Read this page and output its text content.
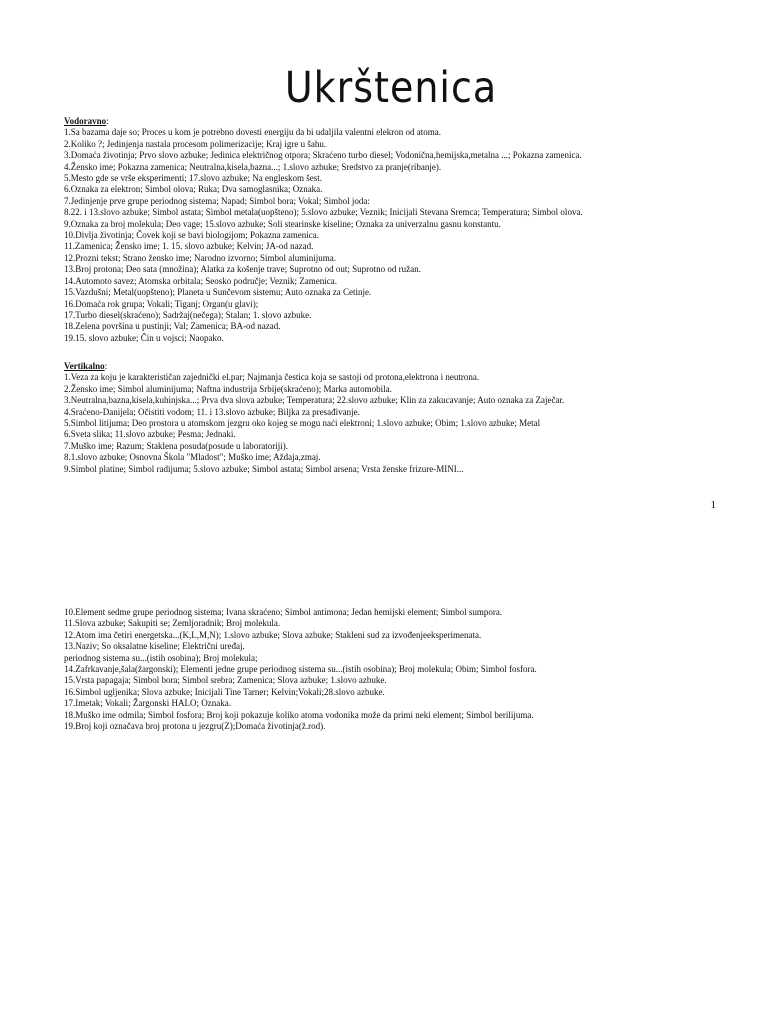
Ukrštenica
Vodoravno:
1.Sa bazama daje so; Proces u kom je potrebno dovesti energiju da bi udaljila valentni elekron od atoma.
2.Koliko ?; Jedinjenja nastala procesom polimerizacije; Kraj igre u šahu.
3.Domaća životinja; Prvo slovo azbuke; Jedinica električnog otpora; Skraćeno turbo diesel; Vodonična,hemijska,metalna ...; Pokazna zamenica.
4.Žensko ime; Pokazna zamenica; Neutralna,kisela,bazna...; 1.slovo azbuke; Sredstvo za pranje(ribanje).
5.Mesto gde se vrše eksperimenti; 17.slovo azbuke; Na engleskom šest.
6.Oznaka za elektron; Simbol olova; Ruka; Dva samoglasnika; Oznaka.
7.Jedinjenje prve grupe periodnog sistema; Napad; Simbol bora; Vokal; Simbol joda:
8.22. i 13.slovo azbuke; Simbol astata; Simbol metala(uopšteno); 5.slovo azbuke; Veznik; Inicijali Stevana Sremca; Temperatura; Simbol olova.
9.Oznaka za broj molekula; Deo vage; 15.slovo azbuke; Soli stearinske kiseline; Oznaka za univerzalnu gasnu konstantu.
10.Divlja životinja; Čovek koji se bavi biologijom; Pokazna zamenica.
11.Zamenica; Žensko ime; 1. 15. slovo azbuke; Kelvin; JA-od nazad.
12.Prozni tekst; Strano žensko ime; Narodno izvorno; Simbol aluminijuma.
13.Broj protona; Deo sata (množina); Alatka za košenje trave; Suprotno od out; Suprotno od ružan.
14.Automoto savez; Atomska orbitala; Seosko područje; Veznik; Zamenica.
15.Vazdušni; Metal(uopšteno); Planeta u Sunčevom sistemu; Auto oznaka za Cetinje.
16.Domaća rok grupa; Vokali; Tiganj; Organ(u glavi);
17.Turbo diesel(skraćeno); Sadržaj(nečega); Stalan; 1. slovo azbuke.
18.Zelena površina u pustinji; Val; Zamenica; BA-od nazad.
19.15. slovo azbuke; Čin u vojsci; Naopako.
Vertikalno:
1.Veza za koju je karakterističan zajednički el.par; Najmanja čestica koja se sastoji od protona,elektrona i neutrona.
2.Žensko ime; Simbol aluminijuma; Naftna industrija Srbije(skraćeno); Marka automobila.
3.Neutralna,bazna,kisela,kuhinjska...; Prva dva slova azbuke; Temperatura; 22.slovo azbuke; Klin za zakucavanje; Auto oznaka za Zaječar.
4.Sraćeno-Danijela; Očistiti vodom; 11. i 13.slovo azbuke; Biljka za presađivanje.
5.Simbol litijuma; Deo prostora u atomskom jezgru oko kojeg se mogu naći elektroni; 1.slovo azbuke; Obim; 1.slovo azbuke; Metal
6.Sveta slika; 11.slovo azbuke; Pesma; Jednaki.
7.Muško ime; Razum; Staklena posuda(posude u laboratoriji).
8.1.slovo azbuke; Osnovna Škola "Mladost"; Muško ime; Aždaja,zmaj.
9.Simbol platine; Simbol radijuma; 5.slovo azbuke; Simbol astata; Simbol arsena; Vrsta ženske frizure-MINI...
1
10.Element sedme grupe periodnog sistema; Ivana skraćeno; Simbol antimona; Jedan hemijski element; Simbol sumpora.
11.Slova azbuke; Sakupiti se; Zemljoradnik; Broj molekula.
12.Atom ima četiri energetska...(K,L,M,N); 1.slovo azbuke; Slova azbuke; Stakleni sud za izvođenjeeksperimenata.
13.Naziv; So oksalatne kiseline; Električni uređaj.
periodnog sistema su...(istih osobina); Broj molekula;
14.Zafrkavanje,šala(žargonski); Elementi jedne grupe periodnog sistema su...(istih osobina); Broj molekula; Obim; Simbol fosfora.
15.Vrsta papagaja; Simbol bora; Simbol srebra; Zamenica; Slova azbuke; 1.slovo azbuke.
16.Simbol ugljenika; Slova azbuke; Inicijali Tine Tarner; Kelvin;Vokali;28.slovo azbuke.
17.Imetak; Vokali; Žargonski HALO; Oznaka.
18.Muško ime odmila; Simbol fosfora; Broj koji pokazuje koliko atoma vodonika može da primi neki element; Simbol berilijuma.
19.Broj koji označava broj protona u jezgru(Z);Domaća životinja(ž.rod).
